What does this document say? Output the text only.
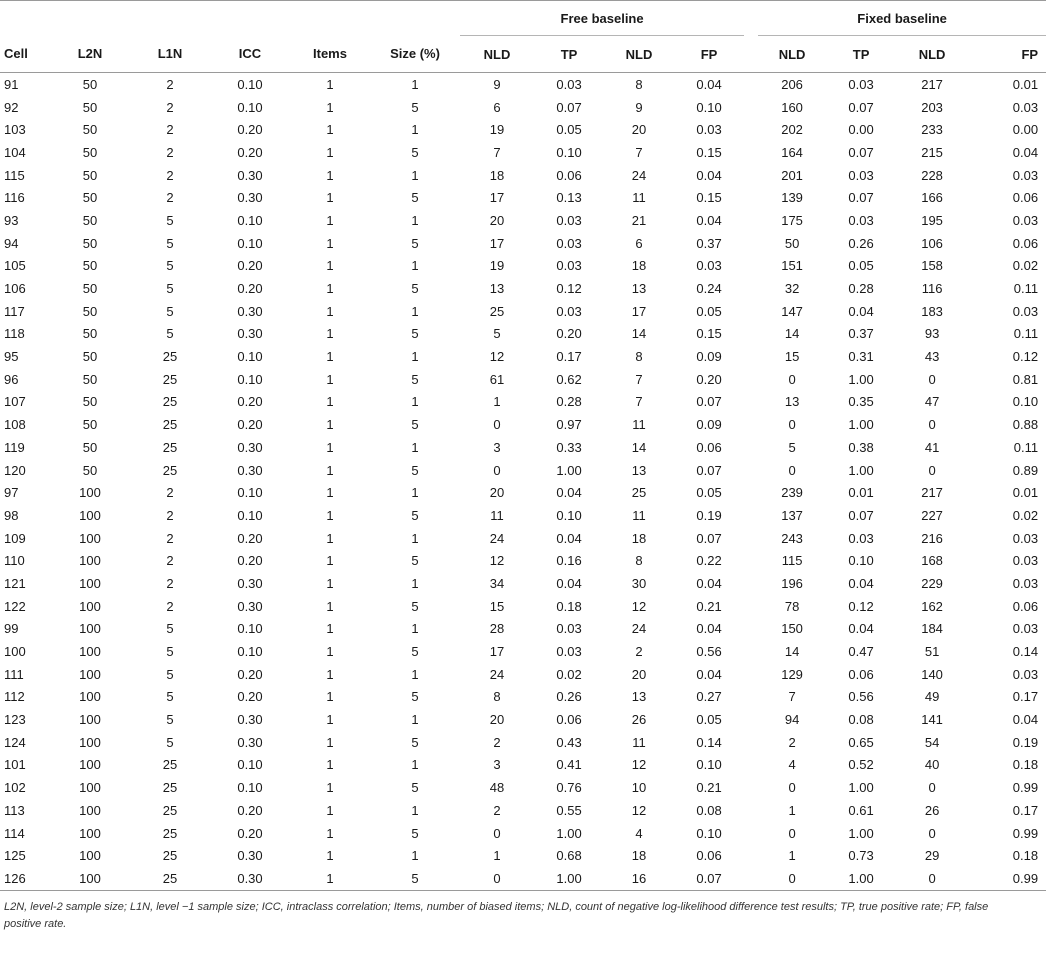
						Free baseline					Fixed baseline			
Cell	L2N	L1N	ICC	Items	Size (%)	NLD	TP	NLD	FP		NLD	TP	NLD	FP
91	50	2	0.10	1	1	9	0.03	8	0.04		206	0.03	217	0.01
92	50	2	0.10	1	5	6	0.07	9	0.10		160	0.07	203	0.03
103	50	2	0.20	1	1	19	0.05	20	0.03		202	0.00	233	0.00
104	50	2	0.20	1	5	7	0.10	7	0.15		164	0.07	215	0.04
115	50	2	0.30	1	1	18	0.06	24	0.04		201	0.03	228	0.03
116	50	2	0.30	1	5	17	0.13	11	0.15		139	0.07	166	0.06
93	50	5	0.10	1	1	20	0.03	21	0.04		175	0.03	195	0.03
94	50	5	0.10	1	5	17	0.03	6	0.37		50	0.26	106	0.06
105	50	5	0.20	1	1	19	0.03	18	0.03		151	0.05	158	0.02
106	50	5	0.20	1	5	13	0.12	13	0.24		32	0.28	116	0.11
117	50	5	0.30	1	1	25	0.03	17	0.05		147	0.04	183	0.03
118	50	5	0.30	1	5	5	0.20	14	0.15		14	0.37	93	0.11
95	50	25	0.10	1	1	12	0.17	8	0.09		15	0.31	43	0.12
96	50	25	0.10	1	5	61	0.62	7	0.20		0	1.00	0	0.81
107	50	25	0.20	1	1	1	0.28	7	0.07		13	0.35	47	0.10
108	50	25	0.20	1	5	0	0.97	11	0.09		0	1.00	0	0.88
119	50	25	0.30	1	1	3	0.33	14	0.06		5	0.38	41	0.11
120	50	25	0.30	1	5	0	1.00	13	0.07		0	1.00	0	0.89
97	100	2	0.10	1	1	20	0.04	25	0.05		239	0.01	217	0.01
98	100	2	0.10	1	5	11	0.10	11	0.19		137	0.07	227	0.02
109	100	2	0.20	1	1	24	0.04	18	0.07		243	0.03	216	0.03
110	100	2	0.20	1	5	12	0.16	8	0.22		115	0.10	168	0.03
121	100	2	0.30	1	1	34	0.04	30	0.04		196	0.04	229	0.03
122	100	2	0.30	1	5	15	0.18	12	0.21		78	0.12	162	0.06
99	100	5	0.10	1	1	28	0.03	24	0.04		150	0.04	184	0.03
100	100	5	0.10	1	5	17	0.03	2	0.56		14	0.47	51	0.14
111	100	5	0.20	1	1	24	0.02	20	0.04		129	0.06	140	0.03
112	100	5	0.20	1	5	8	0.26	13	0.27		7	0.56	49	0.17
123	100	5	0.30	1	1	20	0.06	26	0.05		94	0.08	141	0.04
124	100	5	0.30	1	5	2	0.43	11	0.14		2	0.65	54	0.19
101	100	25	0.10	1	1	3	0.41	12	0.10		4	0.52	40	0.18
102	100	25	0.10	1	5	48	0.76	10	0.21		0	1.00	0	0.99
113	100	25	0.20	1	1	2	0.55	12	0.08		1	0.61	26	0.17
114	100	25	0.20	1	5	0	1.00	4	0.10		0	1.00	0	0.99
125	100	25	0.30	1	1	1	0.68	18	0.06		1	0.73	29	0.18
126	100	25	0.30	1	5	0	1.00	16	0.07		0	1.00	0	0.99
L2N, level-2 sample size; L1N, level −1 sample size; ICC, intraclass correlation; Items, number of biased items; NLD, count of negative log-likelihood difference test results; TP, true positive rate; FP, false positive rate.
